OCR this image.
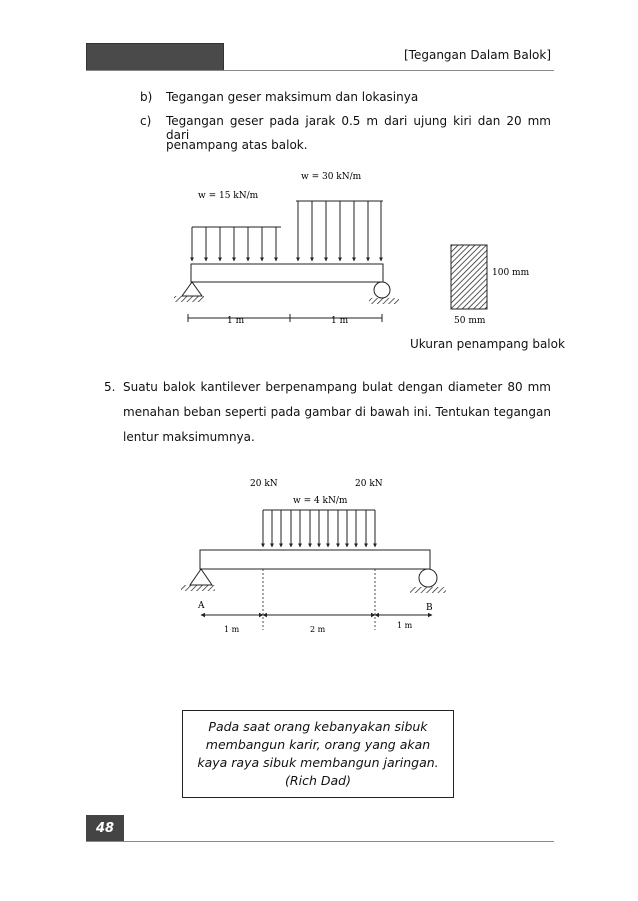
[Tegangan Dalam Balok]
b) Tegangan geser maksimum dan lokasinya
c) Tegangan geser pada jarak 0.5 m dari ujung kiri dan 20 mm dari
penampang atas balok.
w = 15 kN/m
w = 30 kN/m
1 m	1 m
100 mm
50 mm
Ukuran penampang balok
5. Suatu balok kantilever berpenampang bulat dengan diameter 80 mm
menahan beban seperti pada gambar di bawah ini. Tentukan tegangan
lentur maksimumnya.
20 kN	20 kN
w = 4 kN/m
A	B
1 m	2 m	1 m
Pada saat orang kebanyakan sibuk
membangun karir, orang yang akan
kaya raya sibuk membangun jaringan.
(Rich Dad)
48
